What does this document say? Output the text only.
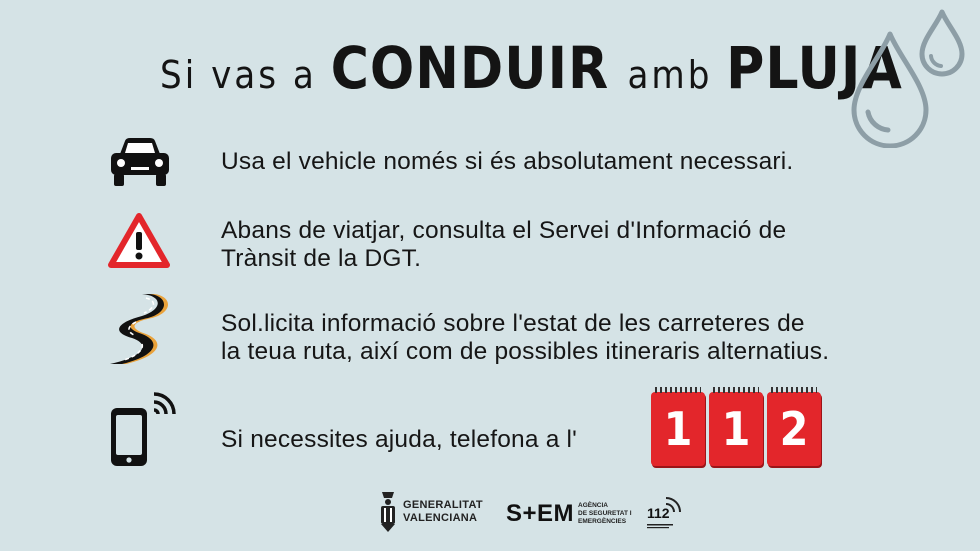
Si vas a CONDUIR amb PLUJA
Usa el vehicle només si és absolutament necessari.
Abans de viatjar, consulta el Servei d'Informació de
Trànsit de la DGT.
Sol.licita informació sobre l'estat de les carreteres de
la teua ruta, així com de possibles itineraris alternatius.
Si necessites ajuda, telefona a l' 1 1 2
GENERALITAT
VALENCIANA S+EM AGÈNCIA
DE SEGURETAT I
EMERGÈNCIES
112
